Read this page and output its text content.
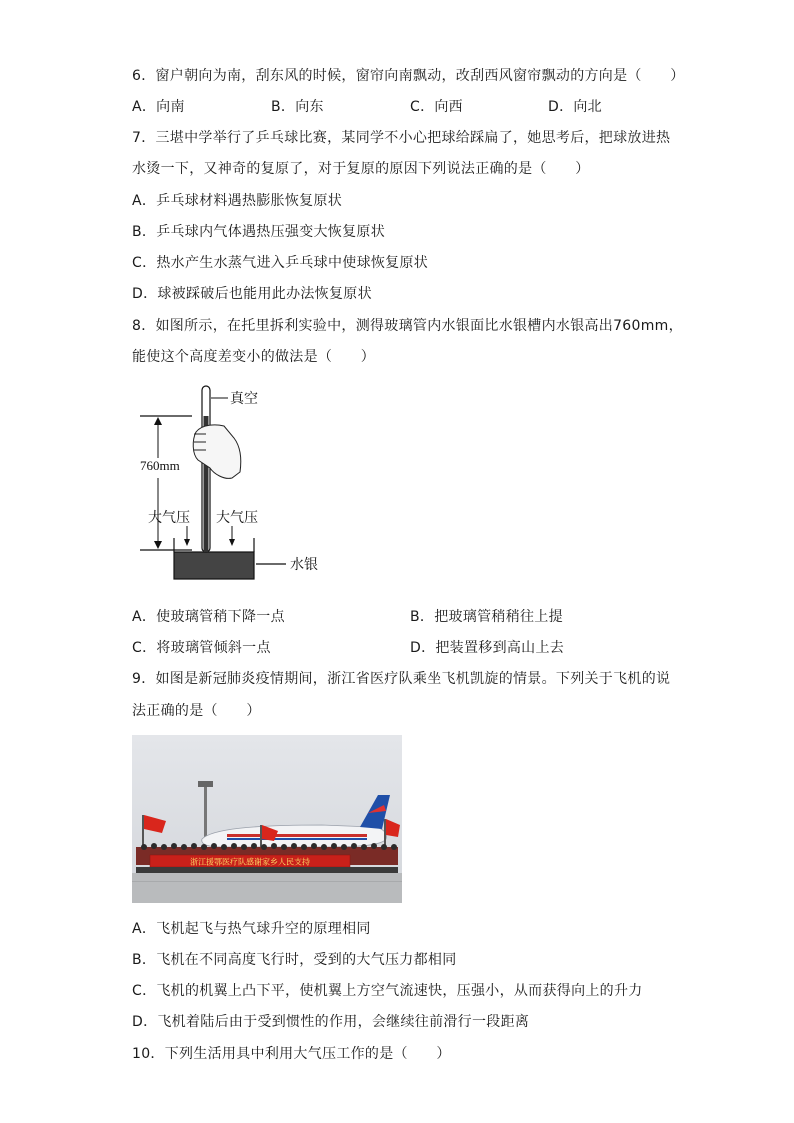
6．窗户朝向为南，刮东风的时候，窗帘向南飘动，改刮西风窗帘飘动的方向是（　　）
A．向南	B．向东	C．向西	D．向北
7．三堪中学举行了乒乓球比赛，某同学不小心把球给踩扁了，她思考后，把球放进热
水烫一下，又神奇的复原了，对于复原的原因下列说法正确的是（　　）
A．乒乓球材料遇热膨胀恢复原状
B．乒乓球内气体遇热压强变大恢复原状
C．热水产生水蒸气进入乒乓球中使球恢复原状
D．球被踩破后也能用此办法恢复原状
8．如图所示，在托里拆利实验中，测得玻璃管内水银面比水银槽内水银高出760mm，
能使这个高度差变小的做法是（　　）
760mm
水银
真空
大气压 大气压
A．使玻璃管稍下降一点	B．把玻璃管稍稍往上提
C．将玻璃管倾斜一点	D．把装置移到高山上去
9．如图是新冠肺炎疫情期间，浙江省医疗队乘坐飞机凯旋的情景。下列关于飞机的说
法正确的是（　　）
浙江援鄂医疗队感谢家乡人民支持
A．飞机起飞与热气球升空的原理相同
B．飞机在不同高度飞行时，受到的大气压力都相同
C．飞机的机翼上凸下平，使机翼上方空气流速快，压强小，从而获得向上的升力
D．飞机着陆后由于受到惯性的作用，会继续往前滑行一段距离
10．下列生活用具中利用大气压工作的是（　　）
